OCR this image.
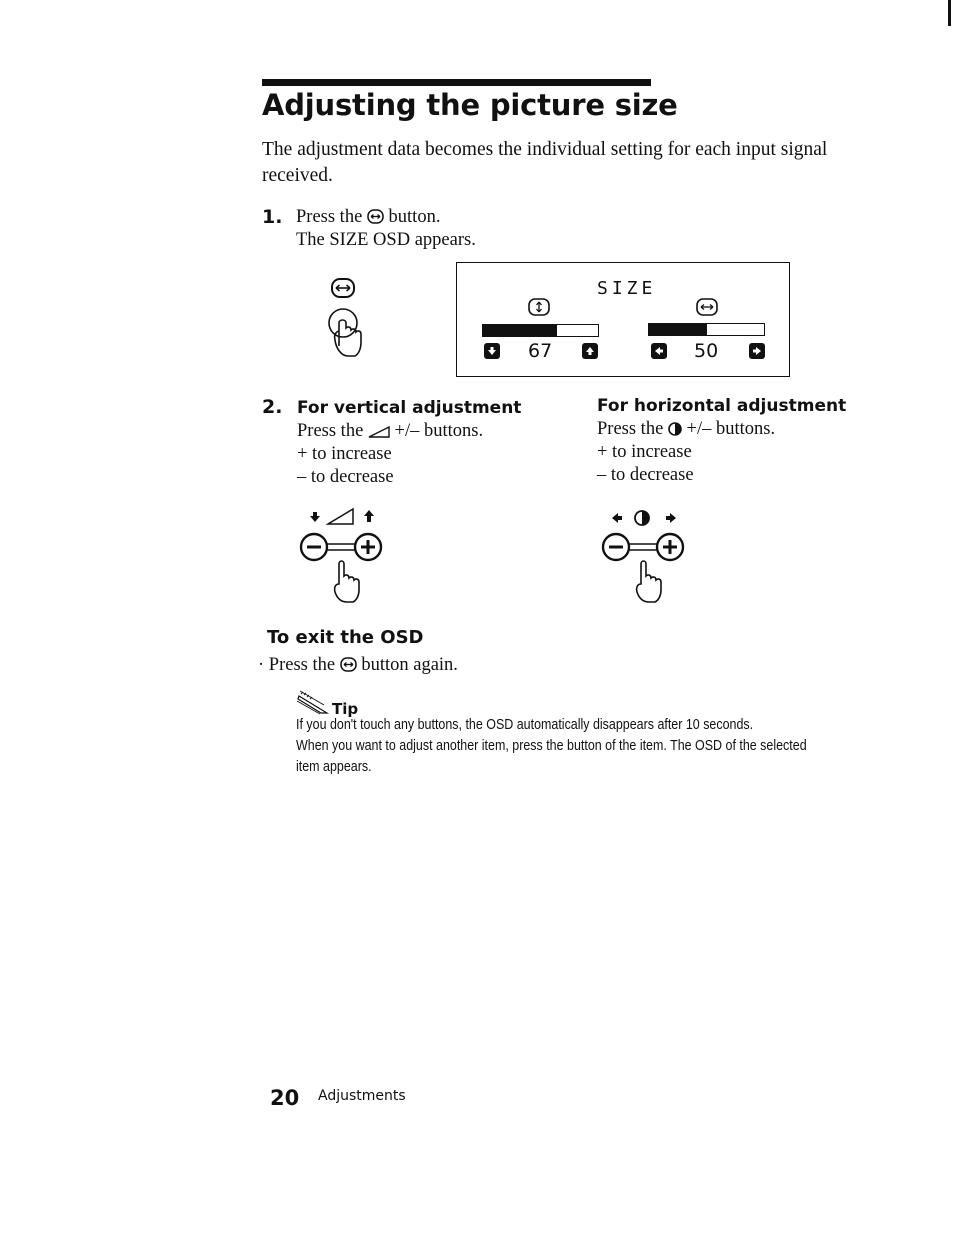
Adjusting the picture size
The adjustment data becomes the individual setting for each input signal received.
1. Press the button.
The SIZE OSD appears.
SIZE
67	50
2. For vertical adjustment
Press the +/– buttons.
+ to increase
– to decrease
For horizontal adjustment
Press the +/– buttons.
+ to increase
– to decrease
To exit the OSD
· Press the button again.
Tip
If you don't touch any buttons, the OSD automatically disappears after 10 seconds.
When you want to adjust another item, press the button of the item. The OSD of the selected
item appears.
20 Adjustments
